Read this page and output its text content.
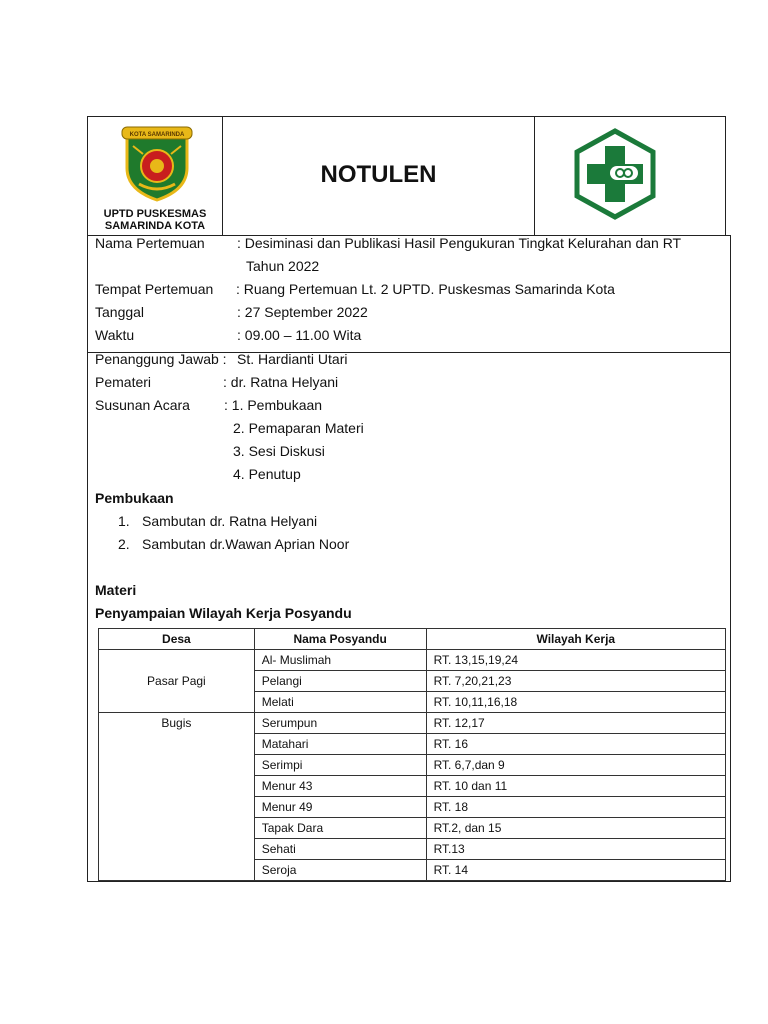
KOTA SAMARINDA
UPTD PUSKESMAS
SAMARINDA KOTA
NOTULEN
Nama Pertemuan : Desiminasi dan Publikasi Hasil Pengukuran Tingkat Kelurahan dan RT
Tahun 2022
Tempat Pertemuan : Ruang Pertemuan Lt. 2 UPTD. Puskesmas Samarinda Kota
Tanggal	: 27 September 2022
Waktu	: 09.00 – 11.00 Wita
Penanggung Jawab : St. Hardianti Utari
Pemateri	: dr. Ratna Helyani
Susunan Acara : 1. Pembukaan
2. Pemaparan Materi
3. Sesi Diskusi
4. Penutup
Pembukaan
1. Sambutan dr. Ratna Helyani
2. Sambutan dr.Wawan Aprian Noor
Materi
Penyampaian Wilayah Kerja Posyandu
Desa	Nama Posyandu	Wilayah Kerja
Pasar Pagi	Al- Muslimah	RT. 13,15,19,24
	Pelangi	RT. 7,20,21,23
	Melati	RT. 10,11,16,18
Bugis	Serumpun	RT. 12,17
	Matahari	RT. 16
	Serimpi	RT. 6,7,dan 9
	Menur 43	RT. 10 dan 11
	Menur 49	RT. 18
	Tapak Dara	RT.2, dan 15
	Sehati	RT.13
	Seroja	RT. 14
